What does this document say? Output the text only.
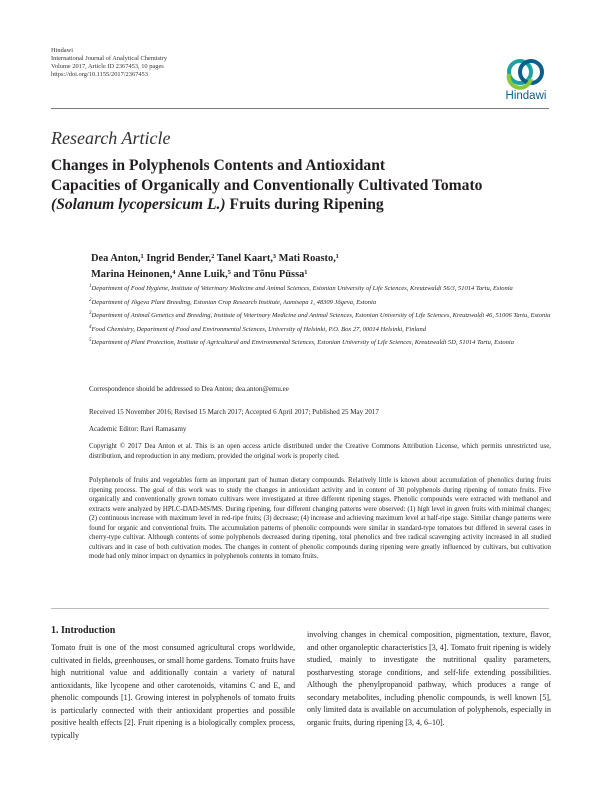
Hindawi
International Journal of Analytical Chemistry
Volume 2017, Article ID 2367453, 10 pages
https://doi.org/10.1155/2017/2367453
Hindawi
Research Article
Changes in Polyphenols Contents and Antioxidant
Capacities of Organically and Conventionally Cultivated Tomato
(Solanum lycopersicum L.) Fruits during Ripening
Dea Anton,¹ Ingrid Bender,² Tanel Kaart,³ Mati Roasto,¹
Marina Heinonen,⁴ Anne Luik,⁵ and Tõnu Püssa¹
$^1$Department of Food Hygiene, Institute of Veterinary Medicine and Animal Sciences, Estonian University of Life Sciences, Kreutzwaldi 56/3, 51014 Tartu, Estonia
$^2$Department of Jõgeva Plant Breeding, Estonian Crop Research Institute, Aamisepa 1, 48309 Jõgeva, Estonia
$^3$Department of Animal Genetics and Breeding, Institute of Veterinary Medicine and Animal Sciences, Estonian University of Life Sciences, Kreutzwaldi 46, 51006 Tartu, Estonia
$^4$Food Chemistry, Department of Food and Environmental Sciences, University of Helsinki, P.O. Box 27, 00014 Helsinki, Finland
$^5$Department of Plant Protection, Institute of Agricultural and Environmental Sciences, Estonian University of Life Sciences, Kreutzwaldi 5D, 51014 Tartu, Estonia
Correspondence should be addressed to Dea Anton; dea.anton@emu.ee
Received 15 November 2016; Revised 15 March 2017; Accepted 6 April 2017; Published 25 May 2017
Academic Editor: Ravi Ramasamy
Copyright © 2017 Dea Anton et al. This is an open access article distributed under the Creative Commons Attribution License, which permits unrestricted use, distribution, and reproduction in any medium, provided the original work is properly cited.
Polyphenols of fruits and vegetables form an important part of human dietary compounds. Relatively little is known about accumulation of phenolics during fruits ripening process. The goal of this work was to study the changes in antioxidant activity and in content of 30 polyphenols during ripening of tomato fruits. Five organically and conventionally grown tomato cultivars were investigated at three different ripening stages. Phenolic compounds were extracted with methanol and extracts were analyzed by HPLC-DAD-MS/MS. During ripening, four different changing patterns were observed: (1) high level in green fruits with minimal changes; (2) continuous increase with maximum level in red-ripe fruits; (3) decrease; (4) increase and achieving maximum level at half-ripe stage. Similar change patterns were found for organic and conventional fruits. The accumulation patterns of phenolic compounds were similar in standard-type tomatoes but differed in several cases in cherry-type cultivar. Although contents of some polyphenols decreased during ripening, total phenolics and free radical scavenging activity increased in all studied cultivars and in case of both cultivation modes. The changes in content of phenolic compounds during ripening were greatly influenced by cultivars, but cultivation mode had only minor impact on dynamics in polyphenols contents in tomato fruits.
1. Introduction
Tomato fruit is one of the most consumed agricultural crops worldwide, cultivated in fields, greenhouses, or small home gardens. Tomato fruits have high nutritional value and additionally contain a variety of natural antioxidants, like lycopene and other carotenoids, vitamins C and E, and phenolic compounds [1]. Growing interest in polyphenols of tomato fruits is particularly connected with their antioxidant properties and possible positive health effects [2]. Fruit ripening is a biologically complex process, typically
involving changes in chemical composition, pigmentation, texture, flavor, and other organoleptic characteristics [3, 4]. Tomato fruit ripening is widely studied, mainly to investigate the nutritional quality parameters, postharvesting storage conditions, and self-life extending possibilities. Although the phenylpropanoid pathway, which produces a range of secondary metabolites, including phenolic compounds, is well known [5], only limited data is available on accumulation of polyphenols, especially in organic fruits, during ripening [3, 4, 6–10].
